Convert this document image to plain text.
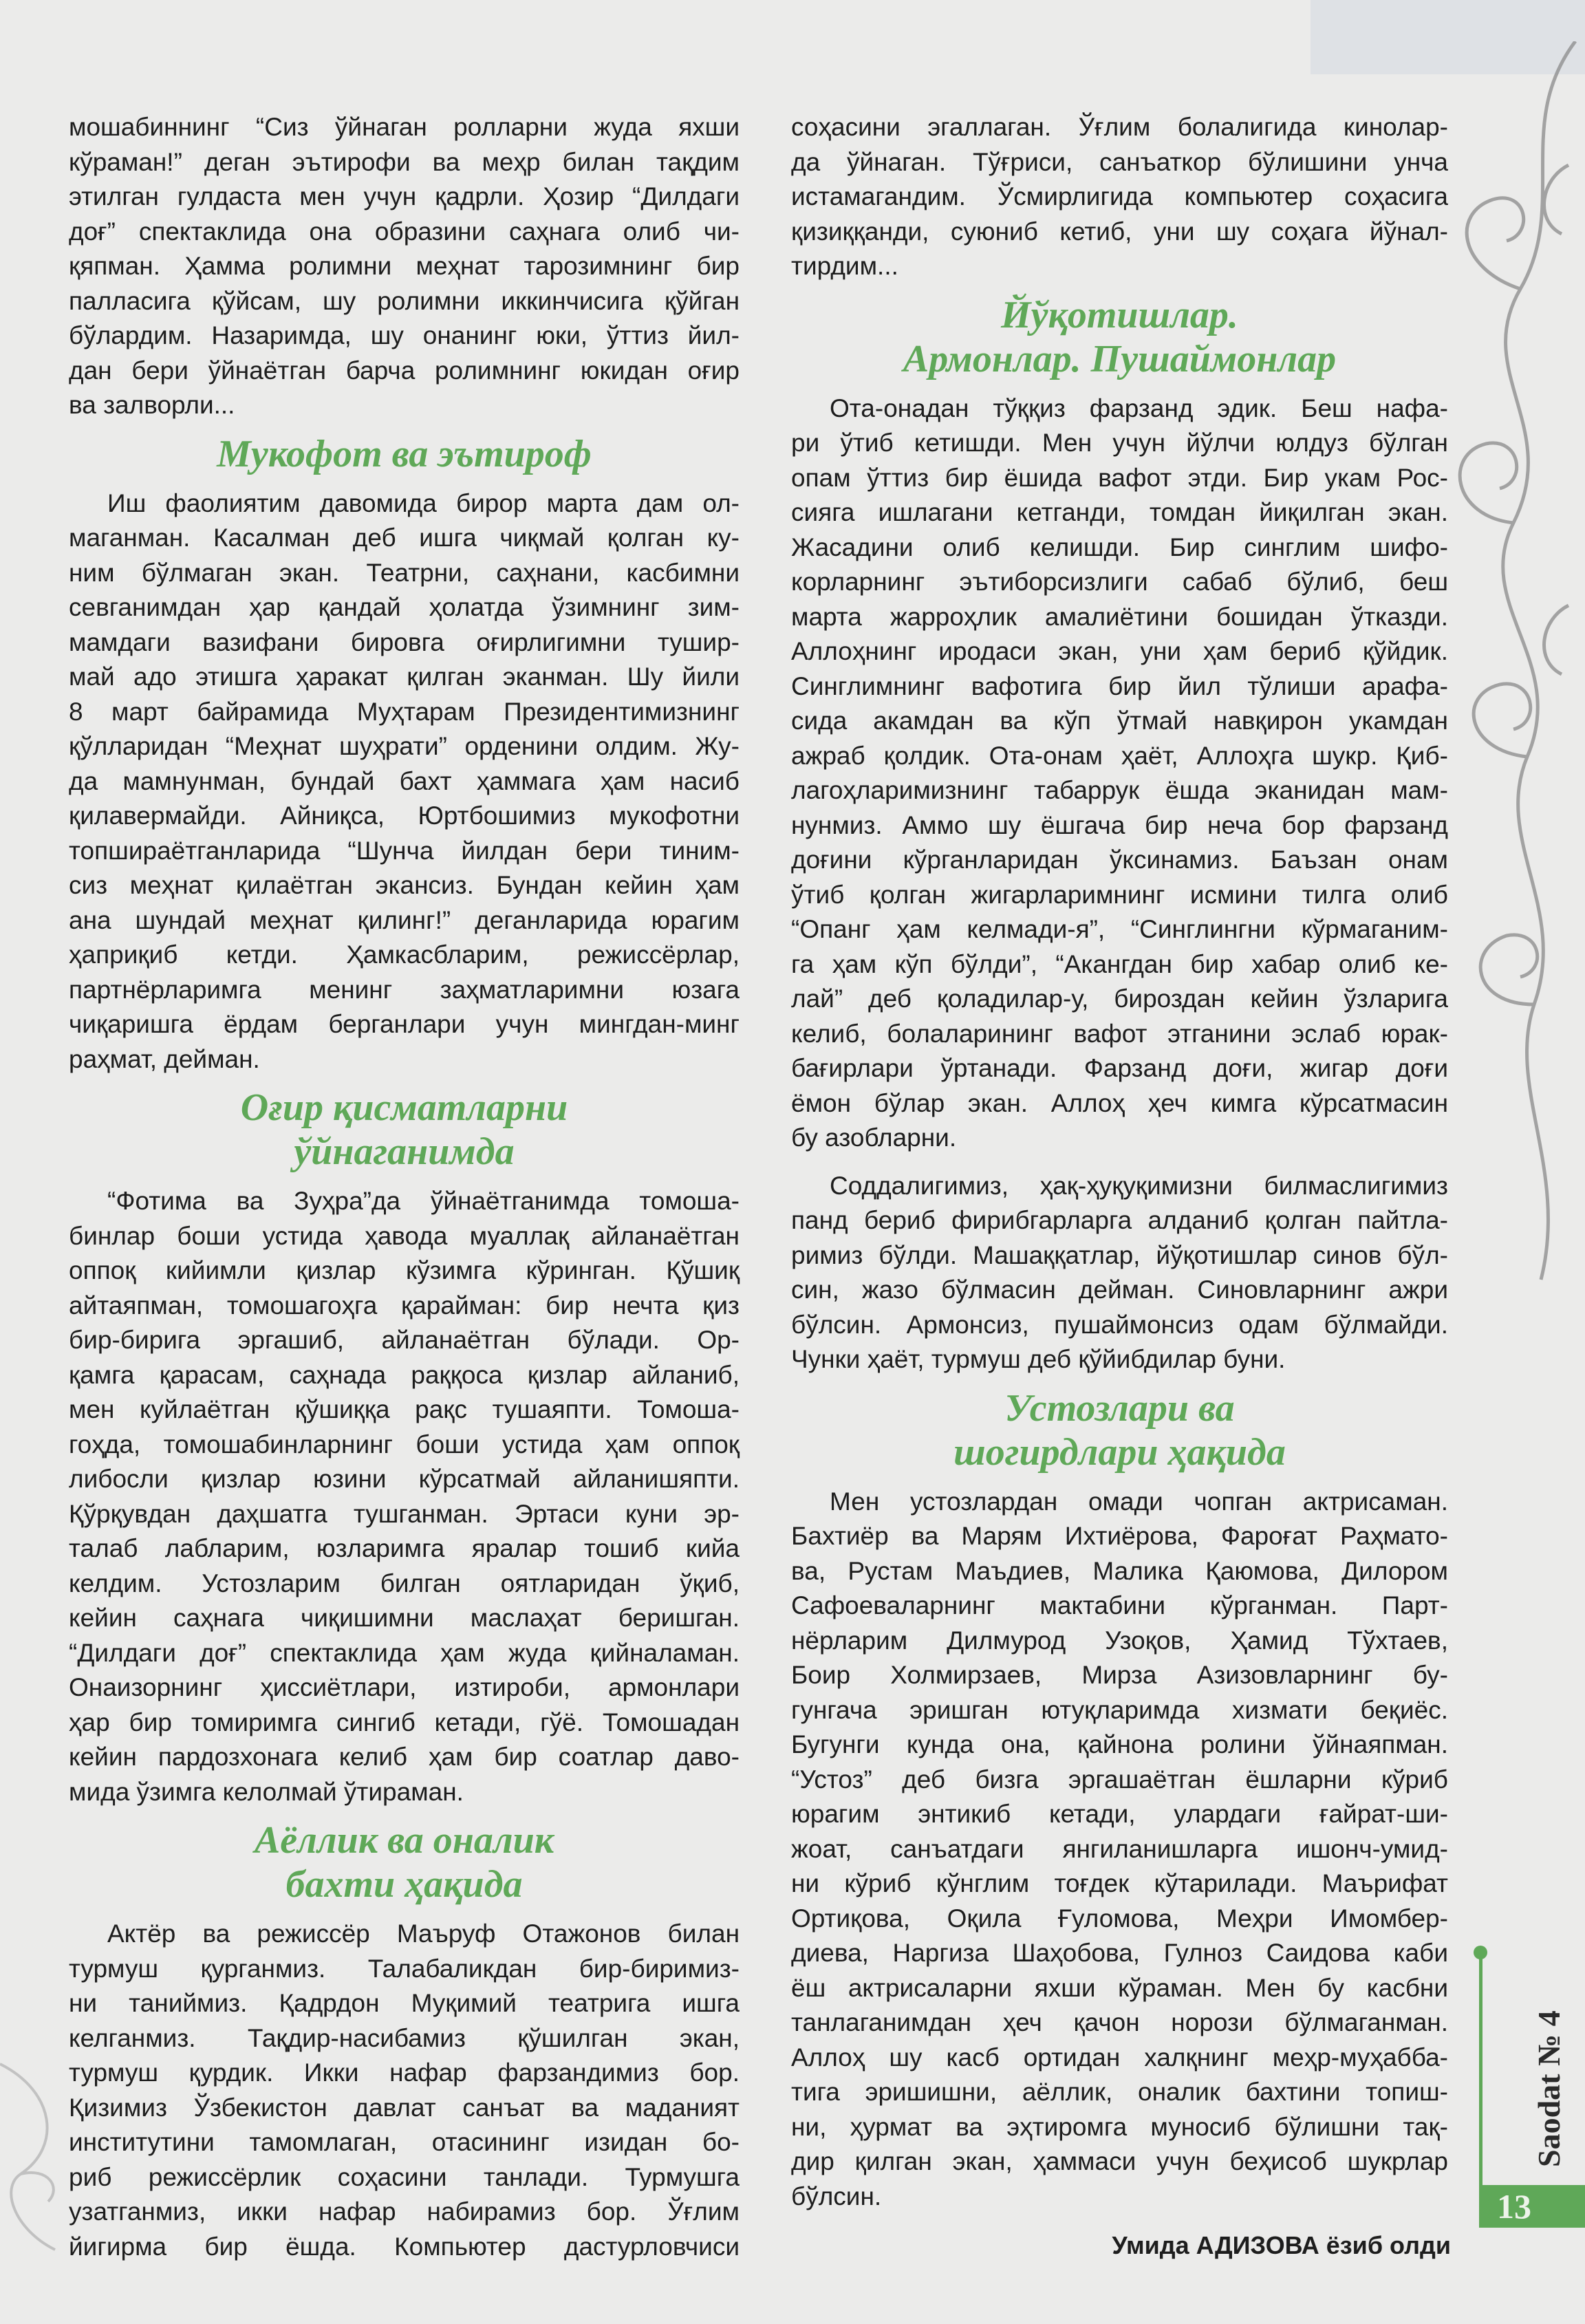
мошабиннинг “Сиз ўйнаган ролларни жуда яхши
кўраман!” деган эътирофи ва меҳр билан тақдим
этилган гулдаста мен учун қадрли. Ҳозир “Дилдаги
доғ” спектаклида она образини саҳнага олиб чи-
қяпман. Ҳамма ролимни меҳнат тарозимнинг бир
палласига қўйсам, шу ролимни иккинчисига қўйган
бўлардим. Назаримда, шу онанинг юки, ўттиз йил-
дан бери ўйнаётган барча ролимнинг юкидан оғир
ва залворли...
Мукофот ва эътироф
Иш фаолиятим давомида бирор марта дам ол-
маганман. Касалман деб ишга чиқмай қолган ку-
ним бўлмаган экан. Театрни, саҳнани, касбимни
севганимдан ҳар қандай ҳолатда ўзимнинг зим-
мамдаги вазифани бировга оғирлигимни тушир-
май адо этишга ҳаракат қилган эканман. Шу йили
8 март байрамида Муҳтарам Президентимизнинг
қўлларидан “Меҳнат шуҳрати” орденини олдим. Жу-
да мамнунман, бундай бахт ҳаммага ҳам насиб
қилавермайди. Айниқса, Юртбошимиз мукофотни
топшираётганларида “Шунча йилдан бери тиним-
сиз меҳнат қилаётган экансиз. Бундан кейин ҳам
ана шундай меҳнат қилинг!” деганларида юрагим
ҳаприқиб кетди. Ҳамкасбларим, режиссёрлар,
партнёрларимга менинг заҳматларимни юзага
чиқаришга ёрдам берганлари учун мингдан-минг
раҳмат, дейман.
Оғир қисматларни
ўйнаганимда
“Фотима ва Зуҳра”да ўйнаётганимда томоша-
бинлар боши устида ҳавода муаллақ айланаётган
оппоқ кийимли қизлар кўзимга кўринган. Қўшиқ
айтаяпман, томошагоҳга қарайман: бир нечта қиз
бир-бирига эргашиб, айланаётган бўлади. Ор-
қамга қарасам, саҳнада раққоса қизлар айланиб,
мен куйлаётган қўшиққа рақс тушаяпти. Томоша-
гоҳда, томошабинларнинг боши устида ҳам оппоқ
либосли қизлар юзини кўрсатмай айланишяпти.
Қўрқувдан даҳшатга тушганман. Эртаси куни эр-
талаб лабларим, юзларимга яралар тошиб кийа
келдим. Устозларим билган оятларидан ўқиб,
кейин саҳнага чиқишимни маслаҳат беришган.
“Дилдаги доғ” спектаклида ҳам жуда қийналаман.
Онаизорнинг ҳиссиётлари, изтироби, армонлари
ҳар бир томиримга сингиб кетади, гўё. Томошадан
кейин пардозхонага келиб ҳам бир соатлар даво-
мида ўзимга келолмай ўтираман.
Аёллик ва оналик
бахти ҳақида
Актёр ва режиссёр Маъруф Отажонов билан
турмуш қурганмиз. Талабаликдан бир-биримиз-
ни таниймиз. Қадрдон Муқимий театрига ишга
келганмиз. Тақдир-насибамиз қўшилган экан,
турмуш қурдик. Икки нафар фарзандимиз бор.
Қизимиз Ўзбекистон давлат санъат ва маданият
институтини тамомлаган, отасининг изидан бо-
риб режиссёрлик соҳасини танлади. Турмушга
узатганмиз, икки нафар набирамиз бор. Ўғлим
йигирма бир ёшда. Компьютер дастурловчиси
соҳасини эгаллаган. Ўғлим болалигида кинолар-
да ўйнаган. Тўғриси, санъаткор бўлишини унча
истамагандим. Ўсмирлигида компьютер соҳасига
қизиққанди, суюниб кетиб, уни шу соҳага йўнал-
тирдим...
Йўқотишлар.
Армонлар. Пушаймонлар
Ота-онадан тўққиз фарзанд эдик. Беш нафа-
ри ўтиб кетишди. Мен учун йўлчи юлдуз бўлган
опам ўттиз бир ёшида вафот этди. Бир укам Рос-
сияга ишлагани кетганди, томдан йиқилган экан.
Жасадини олиб келишди. Бир синглим шифо-
корларнинг эътиборсизлиги сабаб бўлиб, беш
марта жарроҳлик амалиётини бошидан ўтказди.
Аллоҳнинг иродаси экан, уни ҳам бериб қўйдик.
Синглимнинг вафотига бир йил тўлиши арафа-
сида акамдан ва кўп ўтмай навқирон укамдан
ажраб қолдик. Ота-онам ҳаёт, Аллоҳга шукр. Қиб-
лагоҳларимизнинг табаррук ёшда эканидан мам-
нунмиз. Аммо шу ёшгача бир неча бор фарзанд
доғини кўрганларидан ўксинамиз. Баъзан онам
ўтиб қолган жигарларимнинг исмини тилга олиб
“Опанг ҳам келмади-я”, “Синглингни кўрмаганим-
га ҳам кўп бўлди”, “Акангдан бир хабар олиб ке-
лай” деб қоладилар-у, бироздан кейин ўзларига
келиб, болаларининг вафот этганини эслаб юрак-
бағирлари ўртанади. Фарзанд доғи, жигар доғи
ёмон бўлар экан. Аллоҳ ҳеч кимга кўрсатмасин
бу азобларни.
Соддалигимиз, ҳақ-ҳуқуқимизни билмаслигимиз
панд бериб фирибгарларга алданиб қолган пайтла-
римиз бўлди. Машаққатлар, йўқотишлар синов бўл-
син, жазо бўлмасин дейман. Синовларнинг ажри
бўлсин. Армонсиз, пушаймонсиз одам бўлмайди.
Чунки ҳаёт, турмуш деб қўйибдилар буни.
Устозлари ва
шогирдлари ҳақида
Мен устозлардан омади чопган актрисаман.
Бахтиёр ва Марям Ихтиёрова, Фароғат Раҳмато-
ва, Рустам Маъдиев, Малика Қаюмова, Дилором
Сафоеваларнинг мактабини кўрганман. Парт-
нёрларим Дилмурод Узоқов, Ҳамид Тўхтаев,
Боир Холмирзаев, Мирза Азизовларнинг бу-
гунгача эришган ютуқларимда хизмати беқиёс.
Бугунги кунда она, қайнона ролини ўйнаяпман.
“Устоз” деб бизга эргашаётган ёшларни кўриб
юрагим энтикиб кетади, улардаги ғайрат-ши-
жоат, санъатдаги янгиланишларга ишонч-умид-
ни кўриб кўнглим тоғдек кўтарилади. Маърифат
Ортиқова, Оқила Ғуломова, Меҳри Имомбер-
диева, Наргиза Шаҳобова, Гулноз Саидова каби
ёш актрисаларни яхши кўраман. Мен бу касбни
танлаганимдан ҳеч қачон норози бўлмаганман.
Аллоҳ шу касб ортидан халқнинг меҳр-муҳабба-
тига эришишни, аёллик, оналик бахтини топиш-
ни, ҳурмат ва эҳтиромга муносиб бўлишни тақ-
дир қилган экан, ҳаммаси учун беҳисоб шукрлар
бўлсин.
Умида АДИЗОВА ёзиб олди
Saodat № 4
13
